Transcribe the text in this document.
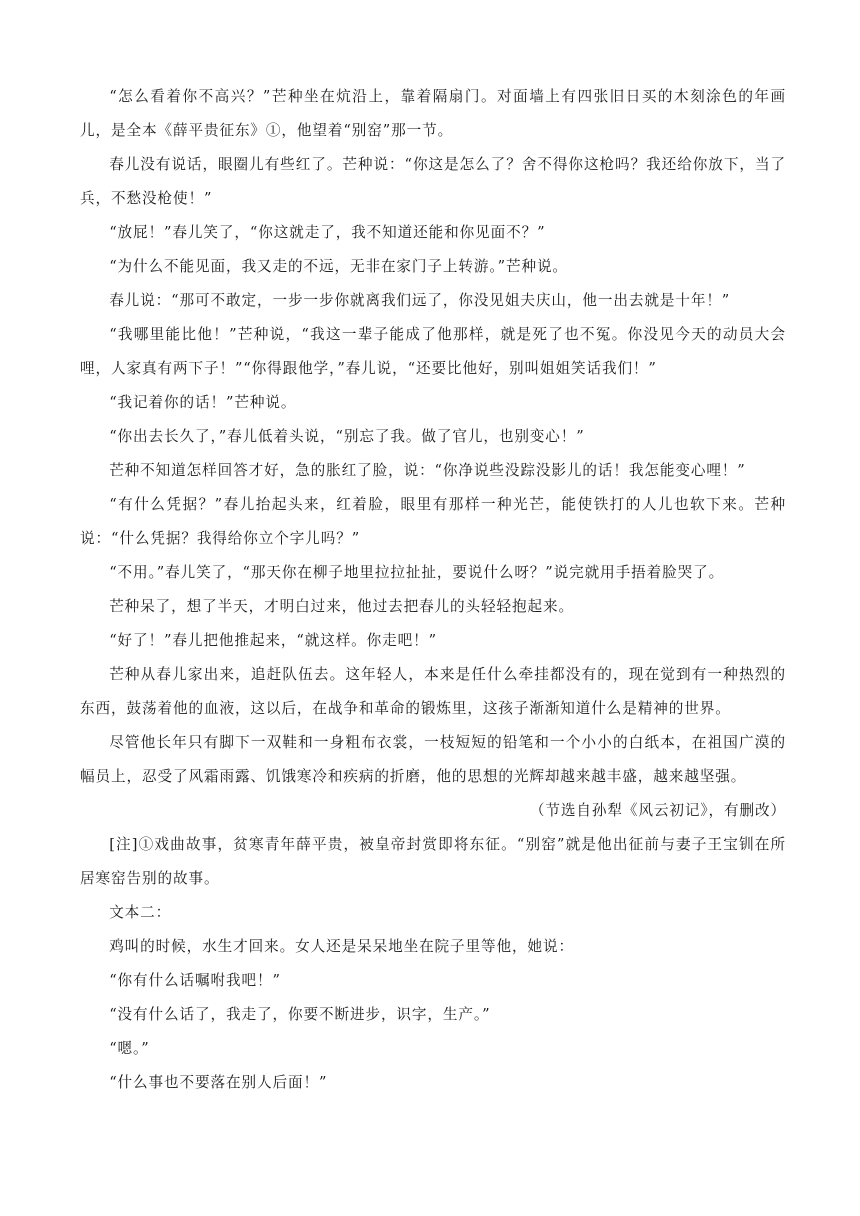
“怎么看着你不高兴？”芒种坐在炕沿上，靠着隔扇门。对面墙上有四张旧日买的木刻涂色的年画儿，是全本《薛平贵征东》①，他望着“别窑”那一节。

春儿没有说话，眼圈儿有些红了。芒种说：“你这是怎么了？舍不得你这枪吗？我还给你放下，当了兵，不愁没枪使！”

“放屁！”春儿笑了，“你这就走了，我不知道还能和你见面不？”

“为什么不能见面，我又走的不远，无非在家门子上转游。”芒种说。

春儿说：“那可不敢定，一步一步你就离我们远了，你没见姐夫庆山，他一出去就是十年！”

“我哪里能比他！”芒种说，“我这一辈子能成了他那样，就是死了也不冤。你没见今天的动员大会哩，人家真有两下子！”“你得跟他学，”春儿说，“还要比他好，别叫姐姐笑话我们！”

“我记着你的话！”芒种说。

“你出去长久了，”春儿低着头说，“别忘了我。做了官儿，也别变心！”

芒种不知道怎样回答才好，急的胀红了脸，说：“你净说些没踪没影儿的话！我怎能变心哩！”

“有什么凭据？”春儿抬起头来，红着脸，眼里有那样一种光芒，能使铁打的人儿也软下来。芒种说：“什么凭据？我得给你立个字儿吗？”

“不用。”春儿笑了，“那天你在柳子地里拉拉扯扯，要说什么呀？”说完就用手捂着脸哭了。

芒种呆了，想了半天，才明白过来，他过去把春儿的头轻轻抱起来。

“好了！”春儿把他推起来，“就这样。你走吧！”

芒种从春儿家出来，追赶队伍去。这年轻人，本来是任什么牵挂都没有的，现在觉到有一种热烈的东西，鼓荡着他的血液，这以后，在战争和革命的锻炼里，这孩子渐渐知道什么是精神的世界。

尽管他长年只有脚下一双鞋和一身粗布衣裳，一枝短短的铅笔和一个小小的白纸本，在祖国广漠的幅员上，忍受了风霜雨露、饥饿寒冷和疾病的折磨，他的思想的光辉却越来越丰盛，越来越坚强。

（节选自孙犁《风云初记》，有删改）

[注]①戏曲故事，贫寒青年薛平贵，被皇帝封赏即将东征。“别窑”就是他出征前与妻子王宝钏在所居寒窑告别的故事。

文本二：

鸡叫的时候，水生才回来。女人还是呆呆地坐在院子里等他，她说：

“你有什么话嘱咐我吧！”

“没有什么话了，我走了，你要不断进步，识字，生产。”

“嗯。”

“什么事也不要落在别人后面！”
